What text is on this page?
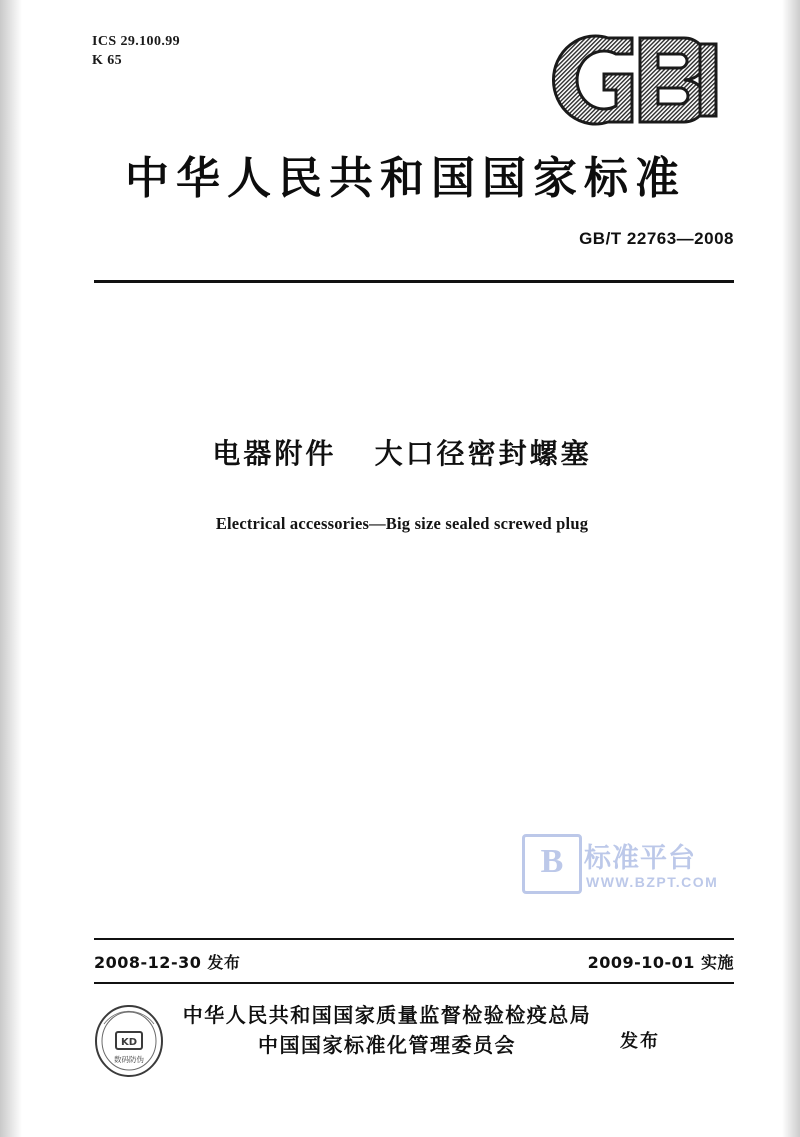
ICS 29.100.99
K 65
中华人民共和国国家标准
GB/T 22763—2008
电器附件   大口径密封螺塞
Electrical accessories—Big size sealed screwed plug
B 标准平台
WWW.BZPT.COM
2008-12-30 发布	2009-10-01 实施
KD
数码防伪
中华人民共和国国家质量监督检验检疫总局
中国国家标准化管理委员会	发布
